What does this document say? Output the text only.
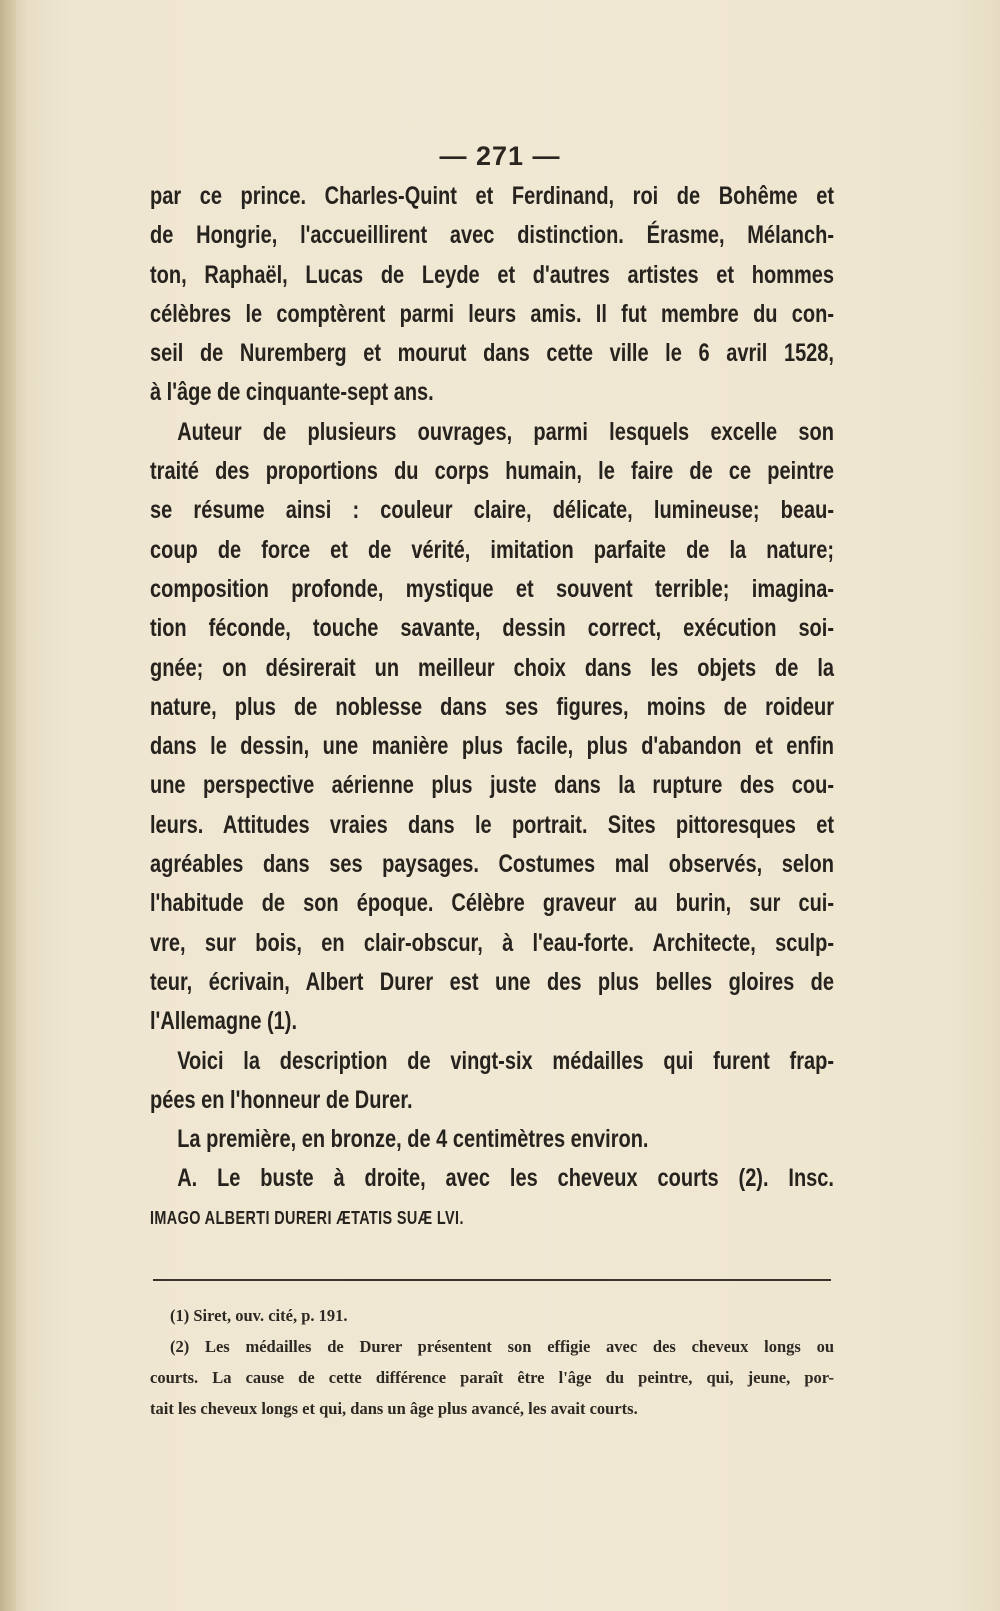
— 271 —
par ce prince. Charles-Quint et Ferdinand, roi de Bohême et
de Hongrie, l'accueillirent avec distinction. Érasme, Mélanch-
ton, Raphaël, Lucas de Leyde et d'autres artistes et hommes
célèbres le comptèrent parmi leurs amis. Il fut membre du con-
seil de Nuremberg et mourut dans cette ville le 6 avril 1528,
à l'âge de cinquante-sept ans.
Auteur de plusieurs ouvrages, parmi lesquels excelle son
traité des proportions du corps humain, le faire de ce peintre
se résume ainsi : couleur claire, délicate, lumineuse; beau-
coup de force et de vérité, imitation parfaite de la nature;
composition profonde, mystique et souvent terrible; imagina-
tion féconde, touche savante, dessin correct, exécution soi-
gnée; on désirerait un meilleur choix dans les objets de la
nature, plus de noblesse dans ses figures, moins de roideur
dans le dessin, une manière plus facile, plus d'abandon et enfin
une perspective aérienne plus juste dans la rupture des cou-
leurs. Attitudes vraies dans le portrait. Sites pittoresques et
agréables dans ses paysages. Costumes mal observés, selon
l'habitude de son époque. Célèbre graveur au burin, sur cui-
vre, sur bois, en clair-obscur, à l'eau-forte. Architecte, sculp-
teur, écrivain, Albert Durer est une des plus belles gloires de
l'Allemagne (1).
Voici la description de vingt-six médailles qui furent frap-
pées en l'honneur de Durer.
La première, en bronze, de 4 centimètres environ.
A. Le buste à droite, avec les cheveux courts (2). Insc.
IMAGO ALBERTI DURERI ÆTATIS SUÆ LVI.
(1) Siret, ouv. cité, p. 191.
(2) Les médailles de Durer présentent son effigie avec des cheveux longs ou
courts. La cause de cette différence paraît être l'âge du peintre, qui, jeune, por-
tait les cheveux longs et qui, dans un âge plus avancé, les avait courts.
